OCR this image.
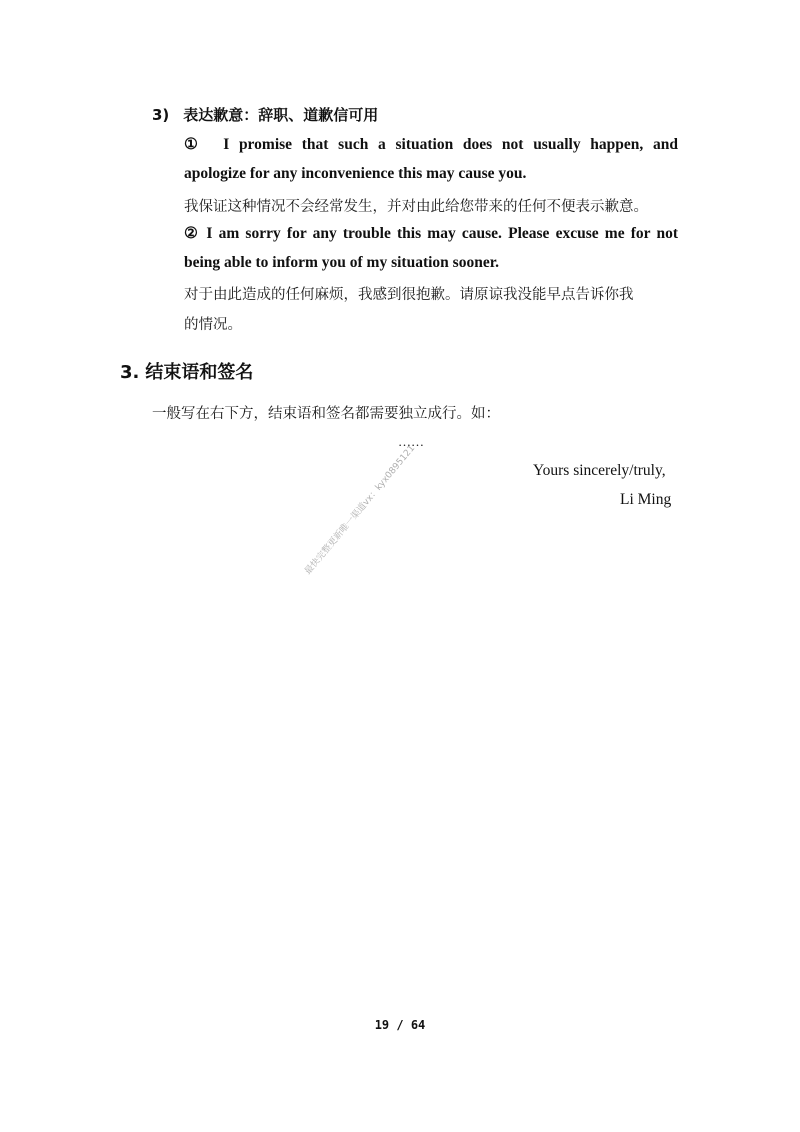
3) 表达歉意：辞职、道歉信可用
① I promise that such a situation does not usually happen, and
apologize for any inconvenience this may cause you.
我保证这种情况不会经常发生，并对由此给您带来的任何不便表示歉意。
② I am sorry for any trouble this may cause. Please excuse me for not
being able to inform you of my situation sooner.
对于由此造成的任何麻烦，我感到很抱歉。请原谅我没能早点告诉你我
的情况。
3. 结束语和签名
一般写在右下方，结束语和签名都需要独立成行。如：
……
Yours sincerely/truly,
Li Ming
最快完整更新唯一渠道vx：kyx0895121
19 / 64
